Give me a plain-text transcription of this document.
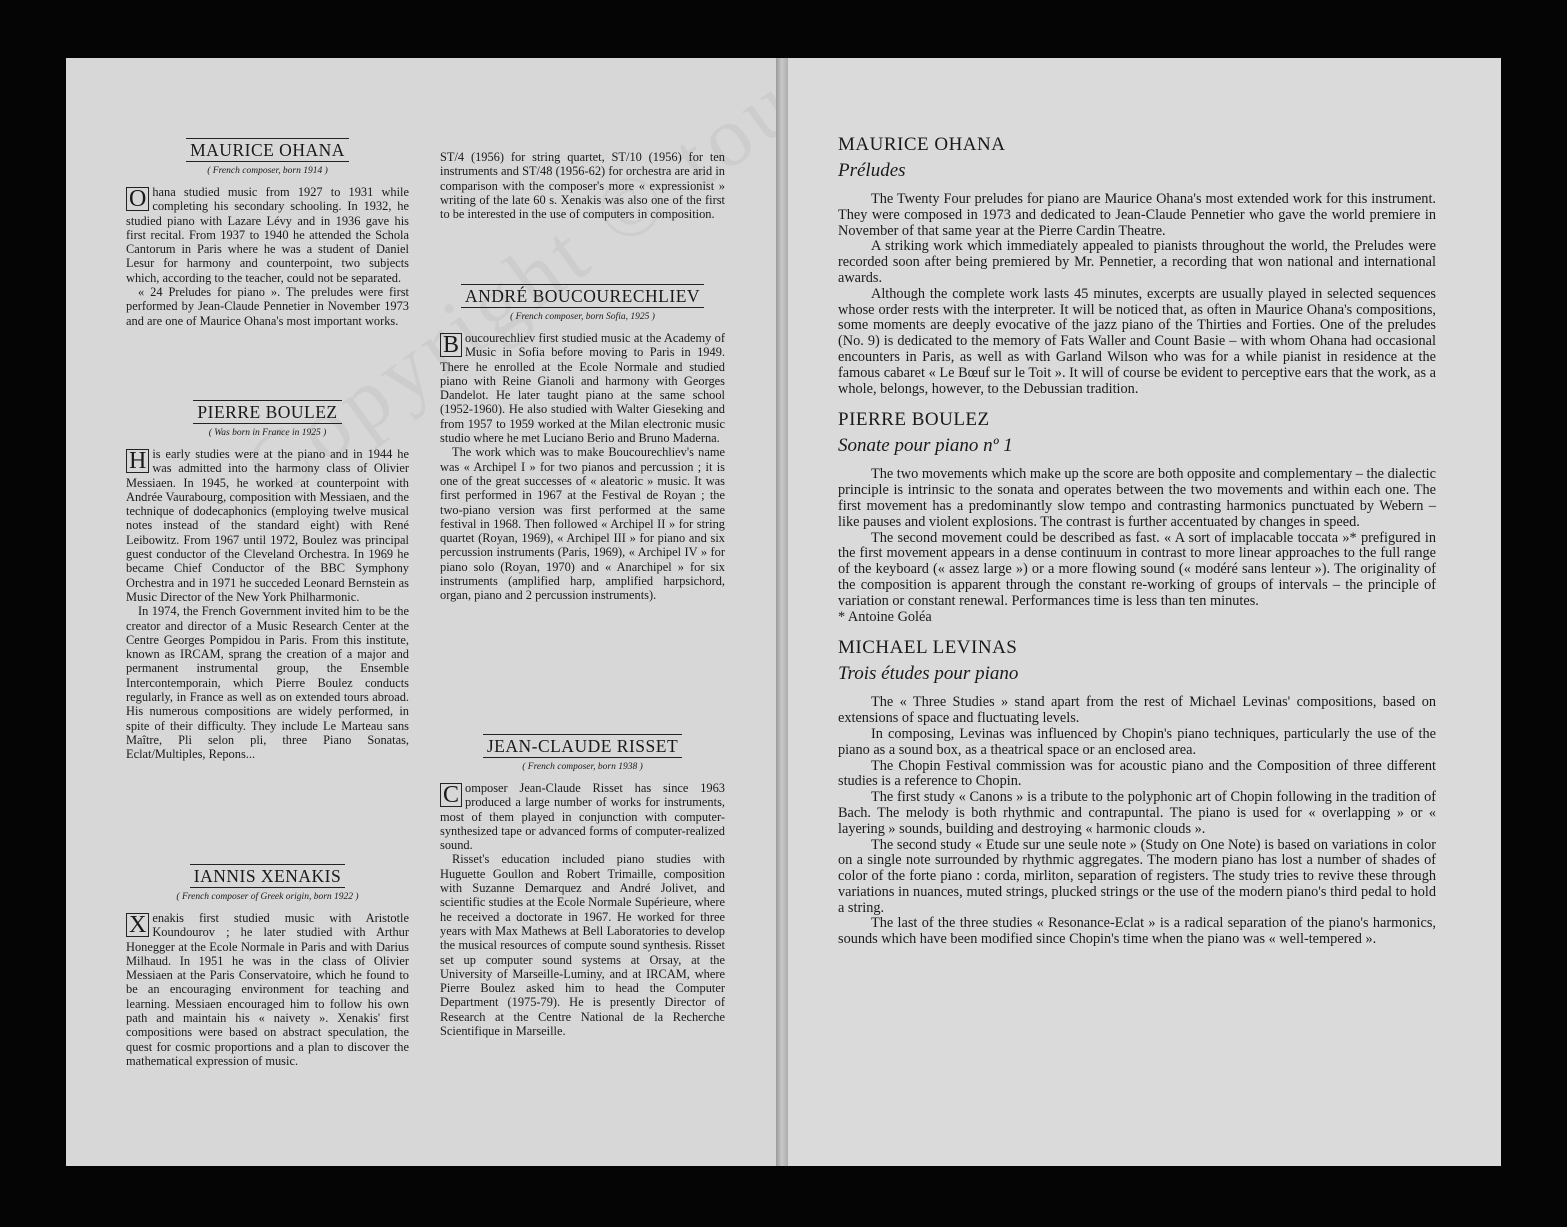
MAURICE OHANA
( French composer, born 1914 )

O hana studied music from 1927 to 1931 while completing his secondary schooling. In 1932, he studied piano with Lazare Lévy and in 1936 gave his first recital. From 1937 to 1940 he attended the Schola Cantorum in Paris where he was a student of Daniel Lesur for harmony and counterpoint, two subjects which, according to the teacher, could not be separated.

« 24 Preludes for piano ». The preludes were first performed by Jean-Claude Pennetier in November 1973 and are one of Maurice Ohana's most important works.

PIERRE BOULEZ
( Was born in France in 1925 )

H is early studies were at the piano and in 1944 he was admitted into the harmony class of Olivier Messiaen. In 1945, he worked at counterpoint with Andrée Vaurabourg, composition with Messiaen, and the technique of dodecaphonics (employing twelve musical notes instead of the standard eight) with René Leibowitz. From 1967 until 1972, Boulez was principal guest conductor of the Cleveland Orchestra. In 1969 he became Chief Conductor of the BBC Symphony Orchestra and in 1971 he succeded Leonard Bernstein as Music Director of the New York Philharmonic.

In 1974, the French Government invited him to be the creator and director of a Music Research Center at the Centre Georges Pompidou in Paris. From this institute, known as IRCAM, sprang the creation of a major and permanent instrumental group, the Ensemble Intercontemporain, which Pierre Boulez conducts regularly, in France as well as on extended tours abroad. His numerous compositions are widely performed, in spite of their difficulty. They include Le Marteau sans Maître, Pli selon pli, three Piano Sonatas, Eclat/Multiples, Repons...

IANNIS XENAKIS
( French composer of Greek origin, born 1922 )

X enakis first studied music with Aristotle Koundourov ; he later studied with Arthur Honegger at the Ecole Normale in Paris and with Darius Milhaud. In 1951 he was in the class of Olivier Messiaen at the Paris Conservatoire, which he found to be an encouraging environment for teaching and learning. Messiaen encouraged him to follow his own path and maintain his « naivety ». Xenakis' first compositions were based on abstract speculation, the quest for cosmic proportions and a plan to discover the mathematical expression of music.

ST/4 (1956) for string quartet, ST/10 (1956) for ten instruments and ST/48 (1956-62) for orchestra are arid in comparison with the composer's more « expressionist » writing of the late 60 s. Xenakis was also one of the first to be interested in the use of computers in composition.

ANDRÉ BOUCOURECHLIEV
( French composer, born Sofia, 1925 )

B oucourechliev first studied music at the Academy of Music in Sofia before moving to Paris in 1949. There he enrolled at the Ecole Normale and studied piano with Reine Gianoli and harmony with Georges Dandelot. He later taught piano at the same school (1952-1960). He also studied with Walter Gieseking and from 1957 to 1959 worked at the Milan electronic music studio where he met Luciano Berio and Bruno Maderna.

The work which was to make Boucourechliev's name was « Archipel I » for two pianos and percussion ; it is one of the great successes of « aleatoric » music. It was first performed in 1967 at the Festival de Royan ; the two-piano version was first performed at the same festival in 1968. Then followed « Archipel II » for string quartet (Royan, 1969), « Archipel III » for piano and six percussion instruments (Paris, 1969), « Archipel IV » for piano solo (Royan, 1970) and « Anarchipel » for six instruments (amplified harp, amplified harpsichord, organ, piano and 2 percussion instruments).

JEAN-CLAUDE RISSET
( French composer, born 1938 )

C omposer Jean-Claude Risset has since 1963 produced a large number of works for instruments, most of them played in conjunction with computer-synthesized tape or advanced forms of computer-realized sound.

Risset's education included piano studies with Huguette Goullon and Robert Trimaille, composition with Suzanne Demarquez and André Jolivet, and scientific studies at the Ecole Normale Supérieure, where he received a doctorate in 1967. He worked for three years with Max Mathews at Bell Laboratories to develop the musical resources of compute sound synthesis. Risset set up computer sound systems at Orsay, at the University of Marseille-Luminy, and at IRCAM, where Pierre Boulez asked him to head the Computer Department (1975-79). He is presently Director of Research at the Centre National de la Recherche Scientifique in Marseille.

MAURICE OHANA
Préludes

The Twenty Four preludes for piano are Maurice Ohana's most extended work for this instrument. They were composed in 1973 and dedicated to Jean-Claude Pennetier who gave the world premiere in November of that same year at the Pierre Cardin Theatre.

A striking work which immediately appealed to pianists throughout the world, the Preludes were recorded soon after being premiered by Mr. Pennetier, a recording that won national and international awards.

Although the complete work lasts 45 minutes, excerpts are usually played in selected sequences whose order rests with the interpreter. It will be noticed that, as often in Maurice Ohana's compositions, some moments are deeply evocative of the jazz piano of the Thirties and Forties. One of the preludes (No. 9) is dedicated to the memory of Fats Waller and Count Basie – with whom Ohana had occasional encounters in Paris, as well as with Garland Wilson who was for a while pianist in residence at the famous cabaret « Le Bœuf sur le Toit ». It will of course be evident to perceptive ears that the work, as a whole, belongs, however, to the Debussian tradition.

PIERRE BOULEZ
Sonate pour piano nº 1

The two movements which make up the score are both opposite and complementary – the dialectic principle is intrinsic to the sonata and operates between the two movements and within each one. The first movement has a predominantly slow tempo and contrasting harmonics punctuated by Webern – like pauses and violent explosions. The contrast is further accentuated by changes in speed.

The second movement could be described as fast. « A sort of implacable toccata »* prefigured in the first movement appears in a dense continuum in contrast to more linear approaches to the full range of the keyboard (« assez large ») or a more flowing sound (« modéré sans lenteur »). The originality of the composition is apparent through the constant re-working of groups of intervals – the principle of variation or constant renewal. Performances time is less than ten minutes.

* Antoine Goléa

MICHAEL LEVINAS
Trois études pour piano

The « Three Studies » stand apart from the rest of Michael Levinas' compositions, based on extensions of space and fluctuating levels.

In composing, Levinas was influenced by Chopin's piano techniques, particularly the use of the piano as a sound box, as a theatrical space or an enclosed area.

The Chopin Festival commission was for acoustic piano and the Composition of three different studies is a reference to Chopin.

The first study « Canons » is a tribute to the polyphonic art of Chopin following in the tradition of Bach. The melody is both rhythmic and contrapuntal. The piano is used for « overlapping » or « layering » sounds, building and destroying « harmonic clouds ».

The second study « Etude sur une seule note » (Study on One Note) is based on variations in color on a single note surrounded by rhythmic aggregates. The modern piano has lost a number of shades of color of the forte piano : corda, mirliton, separation of registers. The study tries to revive these through variations in nuances, muted strings, plucked strings or the use of the modern piano's third pedal to hold a string.

The last of the three studies « Resonance-Eclat » is a radical separation of the piano's harmonics, sounds which have been modified since Chopin's time when the piano was « well-tempered ».
